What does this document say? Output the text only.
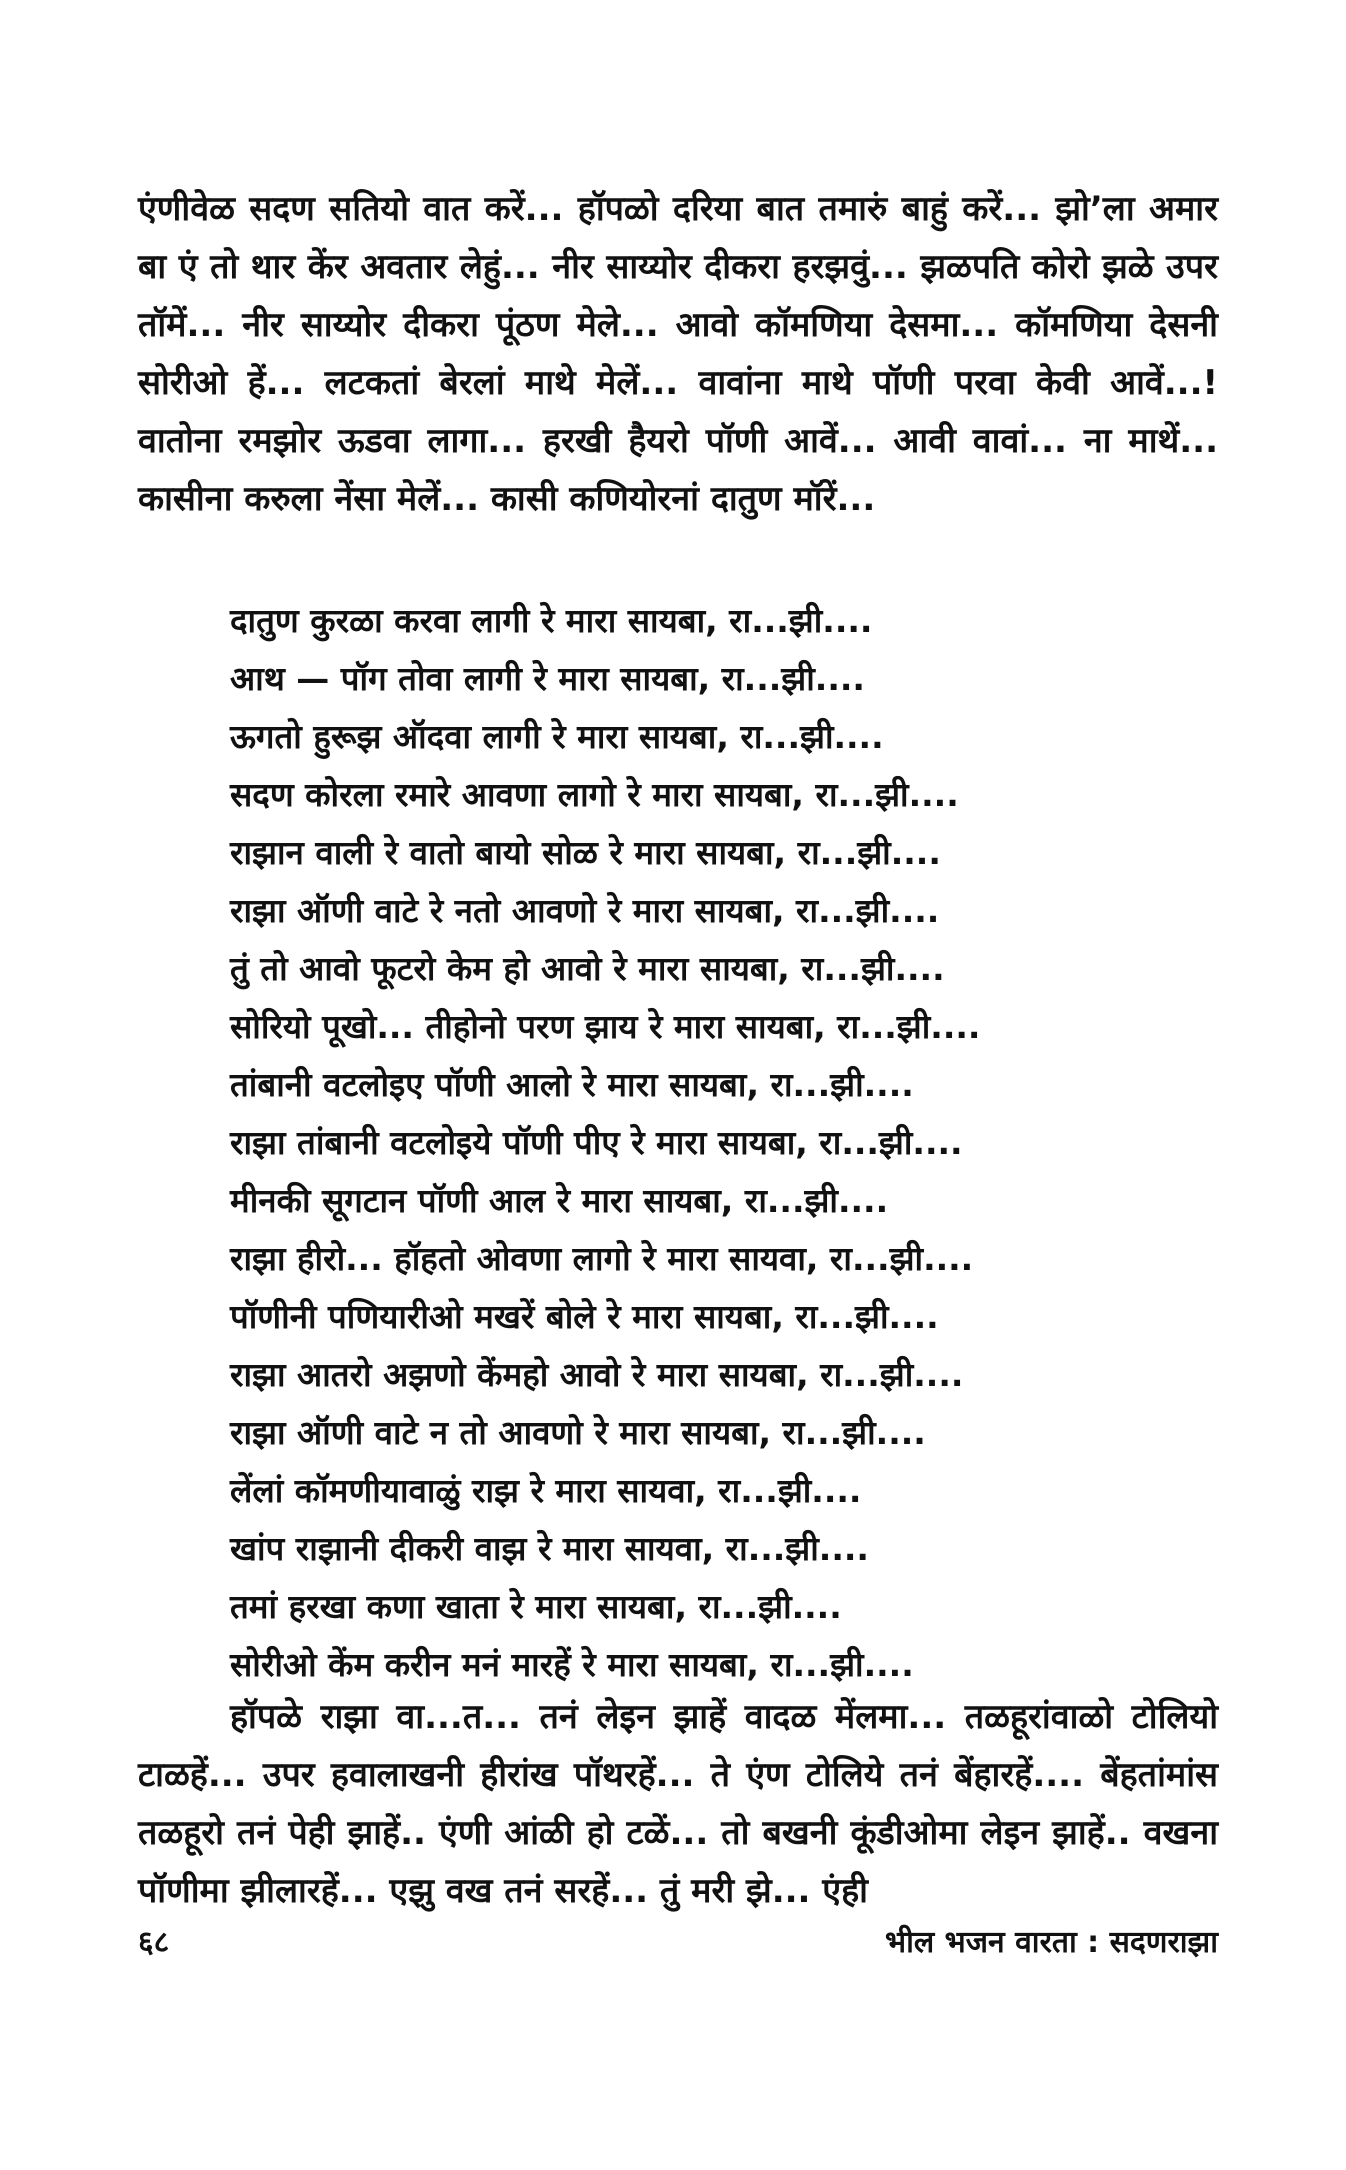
एंणीवेळ सदण सतियो वात करें... हॉपळो दरिया बात तमारुं बाहुं करें... झो’ला अमार बा एं तो थार केंर अवतार लेहुं... नीर साय्योर दीकरा हरझवुं... झळपति कोरो झळे उपर तॉमें... नीर साय्योर दीकरा पूंठण मेले... आवो कॉमणिया देसमा... कॉमणिया देसनी सोरीओ हें... लटकतां बेरलां माथे मेलें... वावांना माथे पॉणी परवा केवी आवें...! वातोना रमझोर ऊडवा लागा... हरखी हैयरो पॉणी आवें... आवी वावां... ना माथें... कासीना करुला नेंसा मेलें... कासी कणियोरनां दातुण मॉरें...
दातुण कुरळा करवा लागी रे मारा सायबा, रा...झी....
आथ — पॉग तोवा लागी रे मारा सायबा, रा...झी....
ऊगतो हुरूझ ऑदवा लागी रे मारा सायबा, रा...झी....
सदण कोरला रमारे आवणा लागो रे मारा सायबा, रा...झी....
राझान वाली रे वातो बायो सोळ रे मारा सायबा, रा...झी....
राझा ऑणी वाटे रे नतो आवणो रे मारा सायबा, रा...झी....
तुं तो आवो फूटरो केम हो आवो रे मारा सायबा, रा...झी....
सोरियो पूखो... तीहोनो परण झाय रे मारा सायबा, रा...झी....
तांबानी वटलोइए पॉणी आलो रे मारा सायबा, रा...झी....
राझा तांबानी वटलोइये पॉणी पीए रे मारा सायबा, रा...झी....
मीनकी सूगटान पॉणी आल रे मारा सायबा, रा...झी....
राझा हीरो... हॉहतो ओवणा लागो रे मारा सायवा, रा...झी....
पॉणीनी पणियारीओ मखरें बोले रे मारा सायबा, रा...झी....
राझा आतरो अझणो केंमहो आवो रे मारा सायबा, रा...झी....
राझा ऑणी वाटे न तो आवणो रे मारा सायबा, रा...झी....
लेंलां कॉमणीयावाळुं राझ रे मारा सायवा, रा...झी....
खांप राझानी दीकरी वाझ रे मारा सायवा, रा...झी....
तमां हरखा कणा खाता रे मारा सायबा, रा...झी....
सोरीओ केंम करीन मनं मारहें रे मारा सायबा, रा...झी....
हॉपळे राझा वा...त... तनं लेइन झाहें वादळ मेंलमा... तळहूरांवाळो टोलियो टाळहें... उपर हवालाखनी हीरांख पॉथरहें... ते एंण टोलिये तनं बेंहारहें.... बेंहतांमांस तळहूरो तनं पेही झाहें.. एंणी आंळी हो टळें... तो बखनी कूंडीओमा लेइन झाहें.. वखना पॉणीमा झीलारहें... एझु वख तनं सरहें... तुं मरी झे... एंही
६८	भील भजन वारता : सदणराझा
